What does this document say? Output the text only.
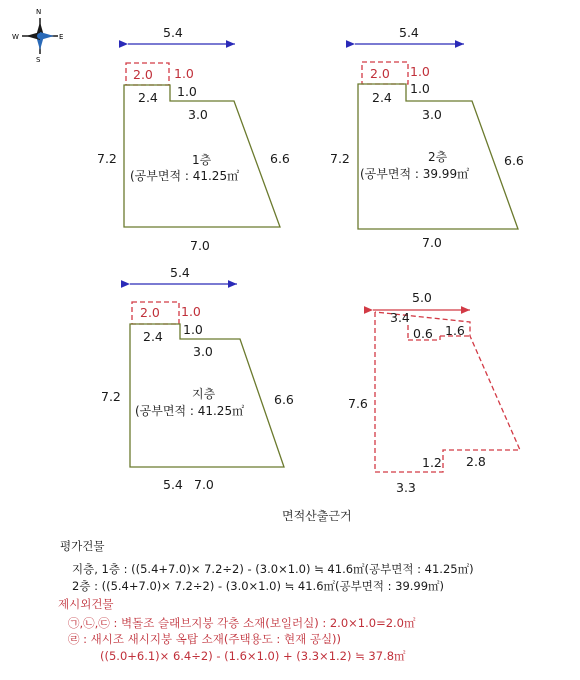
N
S
E
W	5.4
2.0 1.0
2.4 1.0
3.0
7.2	6.6
7.0
1층
(공부면적 : 41.25㎡
5.4
2.0 1.0
2.4
1.0
3.0
7.2	6.6
7.0
2층
(공부면적 : 39.99㎡
5.4
2.0 1.0
2.4 1.0
3.0
7.2	6.6
5.4 7.0
지층
(공부면적 : 41.25㎡
5.0
3.4
0.6 1.6
7.6
1.2 2.8
3.3
면적산출근거
평가건물
지층, 1층 : ((5.4+7.0)× 7.2÷2) - (3.0×1.0) ≒ 41.6㎡(공부면적 : 41.25㎡)
2층 : ((5.4+7.0)× 7.2÷2) - (3.0×1.0) ≒ 41.6㎡(공부면적 : 39.99㎡)
제시외건물
㉠,㉡,㉢ : 벽돌조 슬래브지붕 각층 소재(보일러실) : 2.0×1.0=2.0㎡
㉣ : 새시조 새시지붕 옥탑 소재(주택용도 : 현재 공실))
((5.0+6.1)× 6.4÷2) - (1.6×1.0) + (3.3×1.2) ≒ 37.8㎡
